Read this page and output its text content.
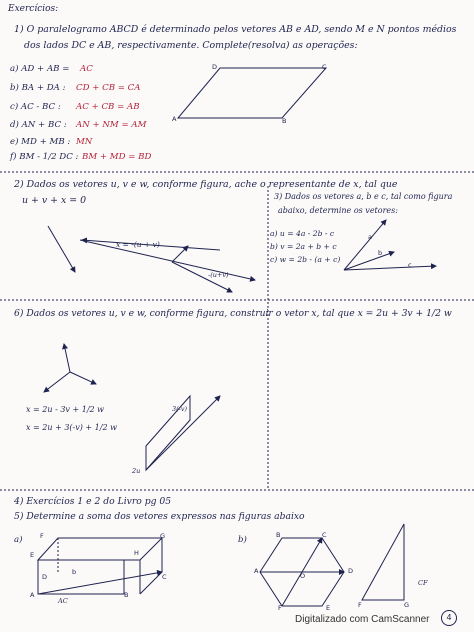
Exercícios:
1) O paralelogramo ABCD é determinado pelos vetores AB e AD, sendo M e N pontos médios
dos lados DC e AB, respectivamente. Complete(resolva) as operações:
a) AD + AB = AC
b) BA + DA : CD + CB = CA
c) AC - BC : AC + CB = AB
d) AN + BC : AN + NM = AM
e) MD + MB : MN
f) BM - 1/2 DC : BM + MD = BD
D	C
A	B
2) Dados os vetores u, v e w, conforme figura, ache o representante de x, tal que
u + v + x = 0
x = -(u + v)
-(u+v)
3) Dados os vetores a, b e c, tal como figura
abaixo, determine os vetores:
a) u = 4a - 2b - c
b) v = 2a + b + c
c) w = 2b - (a + c)
a
b
c
6) Dados os vetores u, v e w, conforme figura, construir o vetor x, tal que x = 2u + 3v + 1/2 w
x = 2u - 3v + 1/2 w
x = 2u + 3(-v) + 1/2 w
3(-v)
2u
4) Exercícios 1 e 2 do Livro pg 05
5) Determine a soma dos vetores expressos nas figuras abaixo
a)	b)
E
F	G
H
D	C
A	B
b
AC
B	C
D
A
F	E
O
F	G
CF
Digitalizado com CamScanner	4
